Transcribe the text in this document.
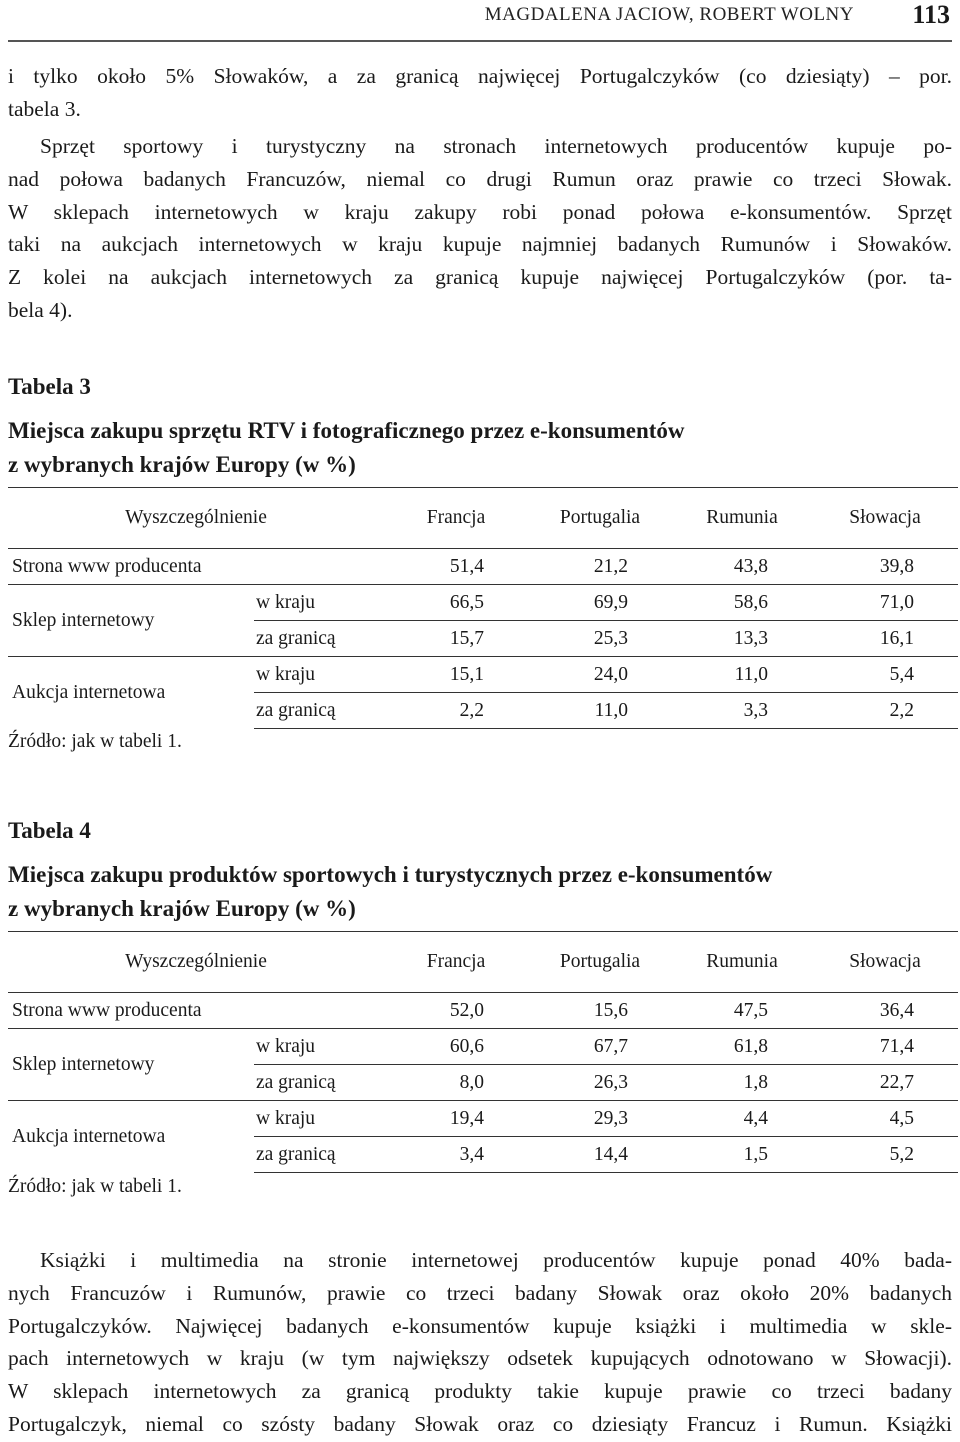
MAGDALENA JACIOW, ROBERT WOLNY 113

i tylko około 5% Słowaków, a za granicą najwięcej Portugalczyków (co dziesiąty) – por.
tabela 3.

Sprzęt sportowy i turystyczny na stronach internetowych producentów kupuje po-
nad połowa badanych Francuzów, niemal co drugi Rumun oraz prawie co trzeci Słowak.
W sklepach internetowych w kraju zakupy robi ponad połowa e-konsumentów. Sprzęt
taki na aukcjach internetowych w kraju kupuje najmniej badanych Rumunów i Słowaków.
Z kolei na aukcjach internetowych za granicą kupuje najwięcej Portugalczyków (por. ta-
bela 4).

Tabela 3

Miejsca zakupu sprzętu RTV i fotograficznego przez e-konsumentów
z wybranych krajów Europy (w %)

Wyszczególnienie		Francja	Portugalia	Rumunia	Słowacja
Strona www producenta		51,4	21,2	43,8	39,8
Sklep internetowy	w kraju	66,5	69,9	58,6	71,0
	za granicą	15,7	25,3	13,3	16,1
Aukcja internetowa	w kraju	15,1	24,0	11,0	5,4
	za granicą	2,2	11,0	3,3	2,2

Źródło: jak w tabeli 1.

Tabela 4

Miejsca zakupu produktów sportowych i turystycznych przez e-konsumentów
z wybranych krajów Europy (w %)

Wyszczególnienie		Francja	Portugalia	Rumunia	Słowacja
Strona www producenta		52,0	15,6	47,5	36,4
Sklep internetowy	w kraju	60,6	67,7	61,8	71,4
	za granicą	8,0	26,3	1,8	22,7
Aukcja internetowa	w kraju	19,4	29,3	4,4	4,5
	za granicą	3,4	14,4	1,5	5,2

Źródło: jak w tabeli 1.

Książki i multimedia na stronie internetowej producentów kupuje ponad 40% bada-
nych Francuzów i Rumunów, prawie co trzeci badany Słowak oraz około 20% badanych
Portugalczyków. Najwięcej badanych e-konsumentów kupuje książki i multimedia w skle-
pach internetowych w kraju (w tym największy odsetek kupujących odnotowano w Słowacji).
W sklepach internetowych za granicą produkty takie kupuje prawie co trzeci badany
Portugalczyk, niemal co szósty badany Słowak oraz co dziesiąty Francuz i Rumun. Książki
